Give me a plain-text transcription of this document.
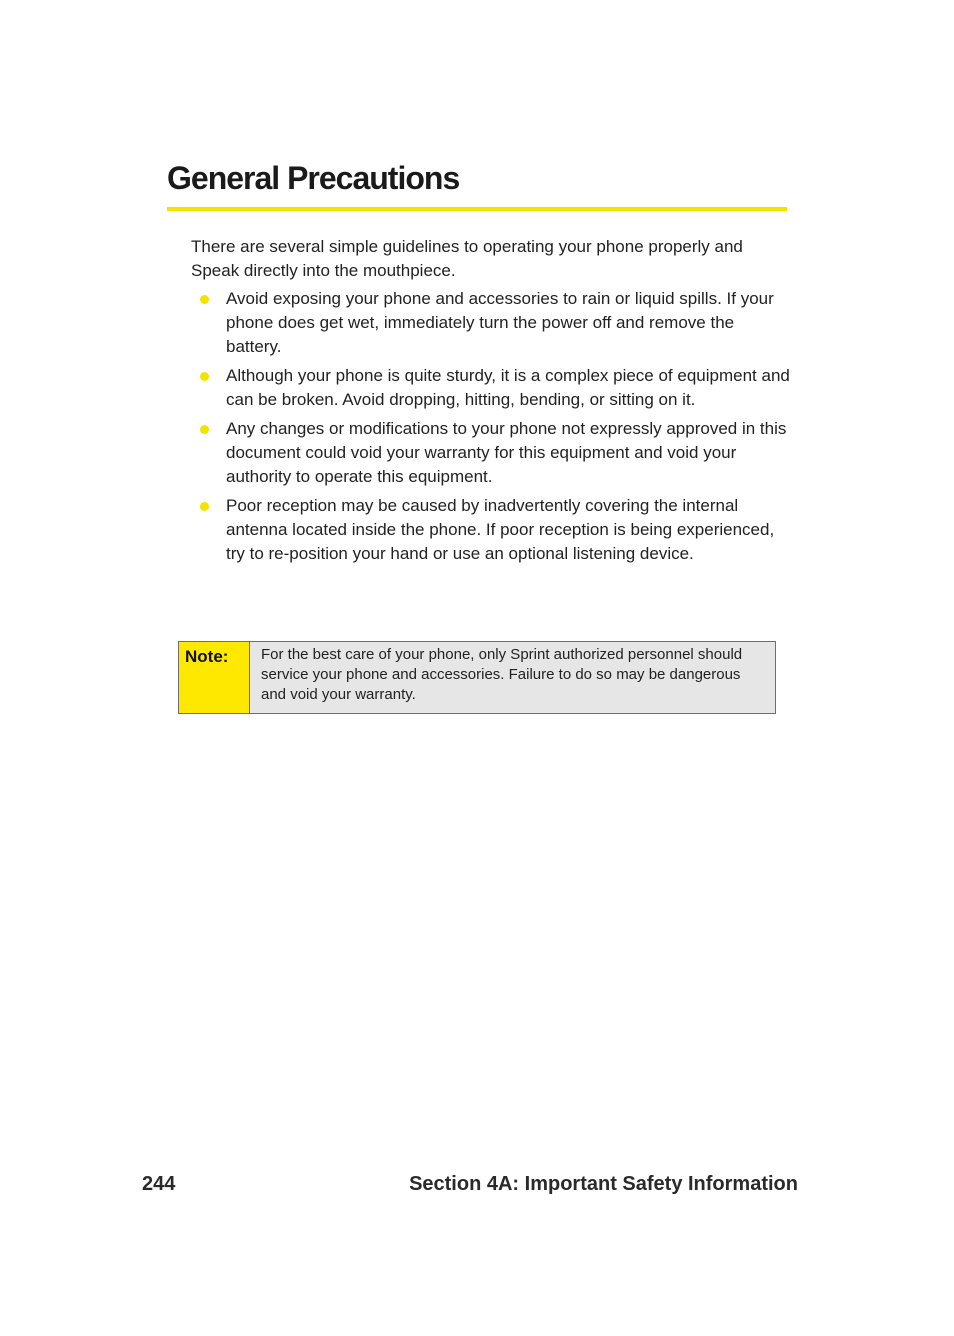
General Precautions

There are several simple guidelines to operating your phone properly and Speak directly into the mouthpiece.

Avoid exposing your phone and accessories to rain or liquid spills. If your phone does get wet, immediately turn the power off and remove the battery.
Although your phone is quite sturdy, it is a complex piece of equipment and can be broken. Avoid dropping, hitting, bending, or sitting on it.
Any changes or modifications to your phone not expressly approved in this document could void your warranty for this equipment and void your authority to operate this equipment.
Poor reception may be caused by inadvertently covering the internal antenna located inside the phone. If poor reception is being experienced, try to re-position your hand or use an optional listening device.
Note:	For the best care of your phone, only Sprint authorized personnel should service your phone and accessories. Failure to do so may be dangerous and void your warranty.
244	Section 4A: Important Safety Information
